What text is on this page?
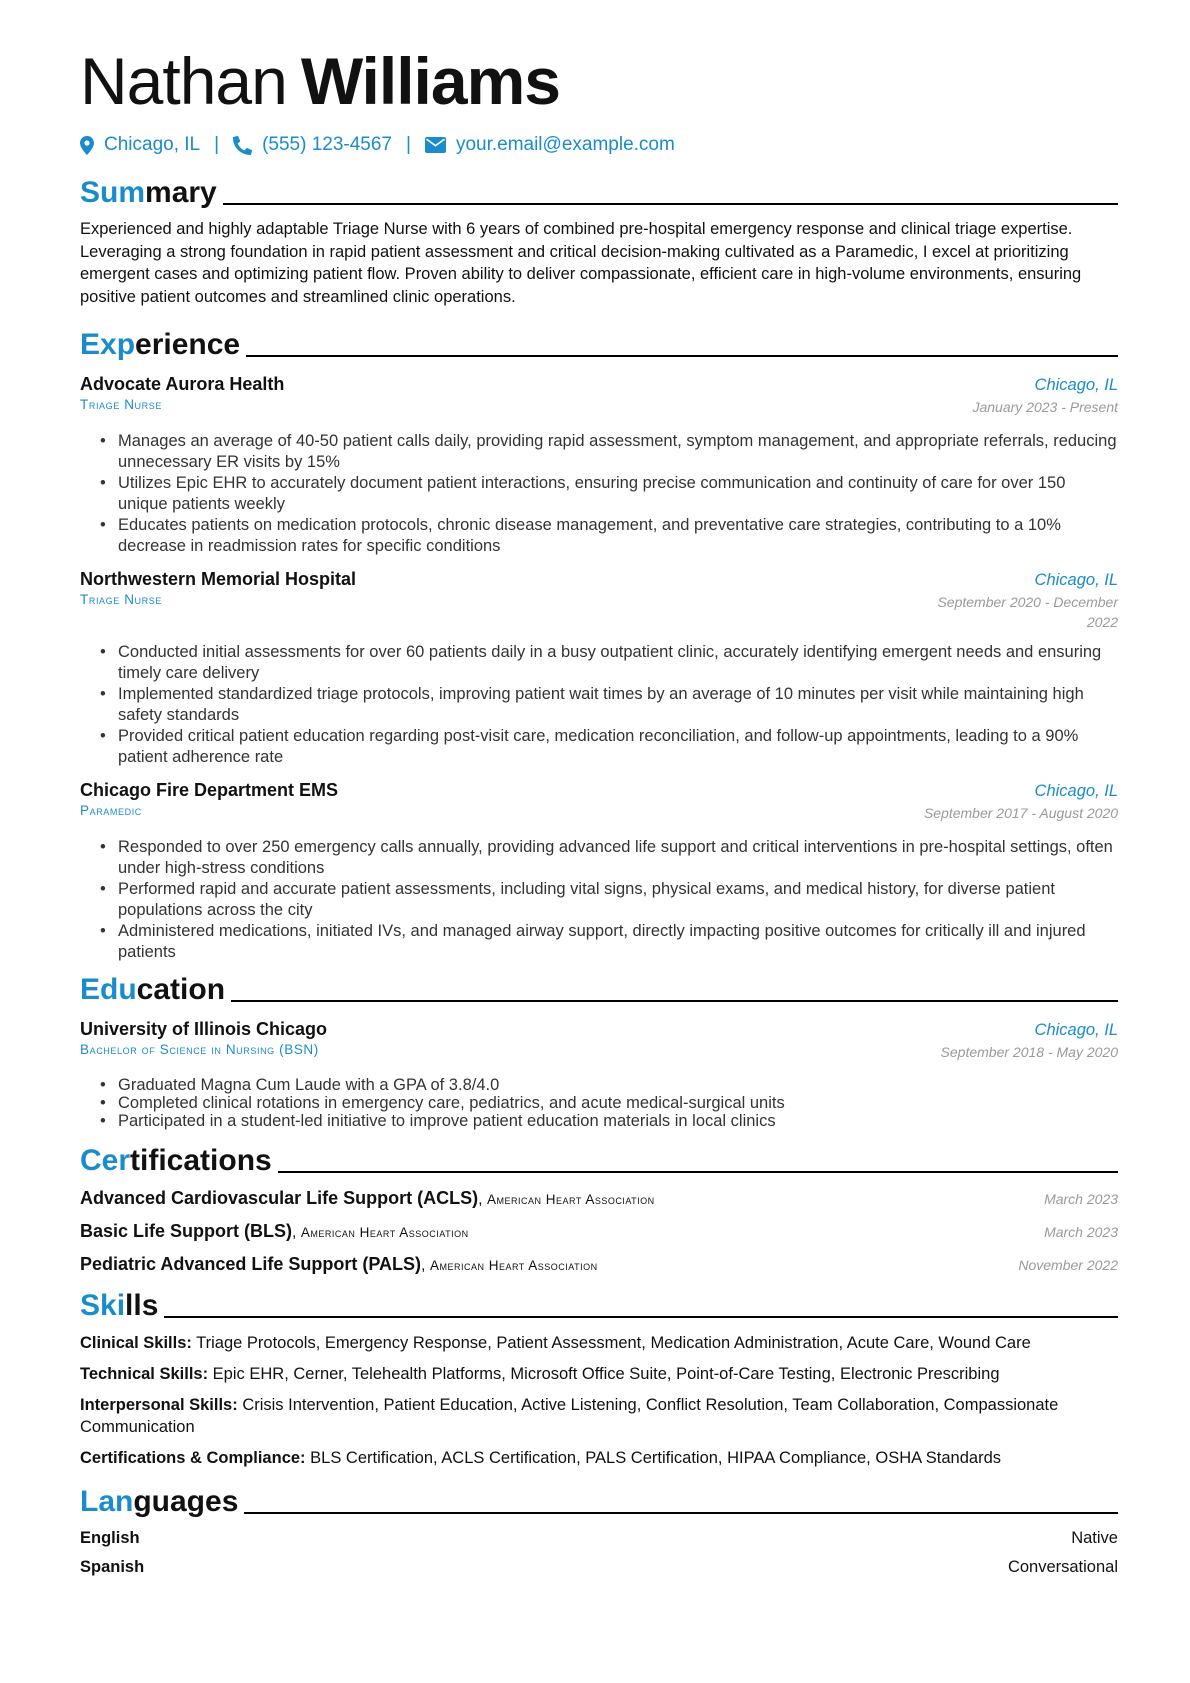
Nathan Williams
Chicago, IL | (555) 123-4567 | your.email@example.com
Summary
Experienced and highly adaptable Triage Nurse with 6 years of combined pre-hospital emergency response and clinical triage expertise. Leveraging a strong foundation in rapid patient assessment and critical decision-making cultivated as a Paramedic, I excel at prioritizing emergent cases and optimizing patient flow. Proven ability to deliver compassionate, efficient care in high-volume environments, ensuring positive patient outcomes and streamlined clinic operations.
Experience
Advocate Aurora Health	Chicago, IL
Triage Nurse	January 2023 - Present
• Manages an average of 40-50 patient calls daily, providing rapid assessment, symptom management, and appropriate referrals, reducing unnecessary ER visits by 15%
• Utilizes Epic EHR to accurately document patient interactions, ensuring precise communication and continuity of care for over 150 unique patients weekly
• Educates patients on medication protocols, chronic disease management, and preventative care strategies, contributing to a 10% decrease in readmission rates for specific conditions
Northwestern Memorial Hospital	Chicago, IL
Triage Nurse	September 2020 - December 2022
• Conducted initial assessments for over 60 patients daily in a busy outpatient clinic, accurately identifying emergent needs and ensuring timely care delivery
• Implemented standardized triage protocols, improving patient wait times by an average of 10 minutes per visit while maintaining high safety standards
• Provided critical patient education regarding post-visit care, medication reconciliation, and follow-up appointments, leading to a 90% patient adherence rate
Chicago Fire Department EMS	Chicago, IL
Paramedic	September 2017 - August 2020
• Responded to over 250 emergency calls annually, providing advanced life support and critical interventions in pre-hospital settings, often under high-stress conditions
• Performed rapid and accurate patient assessments, including vital signs, physical exams, and medical history, for diverse patient populations across the city
• Administered medications, initiated IVs, and managed airway support, directly impacting positive outcomes for critically ill and injured patients
Education
University of Illinois Chicago	Chicago, IL
Bachelor of Science in Nursing (BSN)	September 2018 - May 2020
• Graduated Magna Cum Laude with a GPA of 3.8/4.0
• Completed clinical rotations in emergency care, pediatrics, and acute medical-surgical units
• Participated in a student-led initiative to improve patient education materials in local clinics
Certifications
Advanced Cardiovascular Life Support (ACLS), American Heart Association	March 2023
Basic Life Support (BLS), American Heart Association	March 2023
Pediatric Advanced Life Support (PALS), American Heart Association	November 2022
Skills
Clinical Skills: Triage Protocols, Emergency Response, Patient Assessment, Medication Administration, Acute Care, Wound Care
Technical Skills: Epic EHR, Cerner, Telehealth Platforms, Microsoft Office Suite, Point-of-Care Testing, Electronic Prescribing
Interpersonal Skills: Crisis Intervention, Patient Education, Active Listening, Conflict Resolution, Team Collaboration, Compassionate Communication
Certifications & Compliance: BLS Certification, ACLS Certification, PALS Certification, HIPAA Compliance, OSHA Standards
Languages
English	Native
Spanish	Conversational
